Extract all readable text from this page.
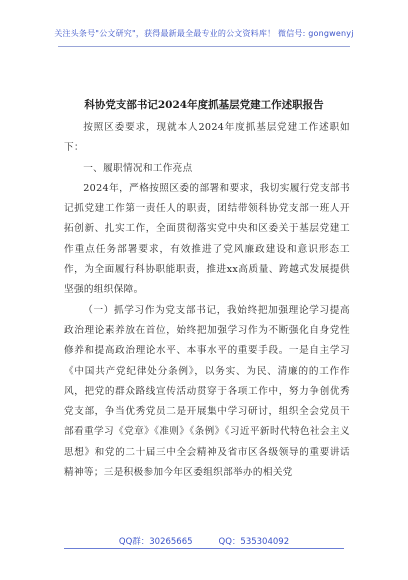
关注头条号"公文研究"，获得最新最全最专业的公文资料库！ 微信号: gongwenyj
科协党支部书记2024年度抓基层党建工作述职报告

按照区委要求，现就本人2024年度抓基层党建工作述职如下：

一、履职情况和工作亮点

2024年，严格按照区委的部署和要求，我切实履行党支部书记抓党建工作第一责任人的职责，团结带领科协党支部一班人开拓创新、扎实工作，全面贯彻落实党中央和区委关于基层党建工作重点任务部署要求，有效推进了党风廉政建设和意识形态工作，为全面履行科协职能职责，推进xx高质量、跨越式发展提供坚强的组织保障。

（一）抓学习作为党支部书记，我始终把加强理论学习提高政治理论素养放在首位，始终把加强学习作为不断强化自身党性修养和提高政治理论水平、本事水平的重要手段。一是自主学习《中国共产党纪律处分条例》，以务实、为民、清廉的的工作作风，把党的群众路线宣传活动贯穿于各项工作中，努力争创优秀党支部，争当优秀党员二是开展集中学习研讨，组织全会党员干部看重学习《党章》《准则》《条例》《习近平新时代特色社会主义思想》和党的二十届三中全会精神及省市区各级领导的重要讲话精神等；三是积极参加今年区委组织部举办的相关党

QQ群：30265665	QQ：535304092
